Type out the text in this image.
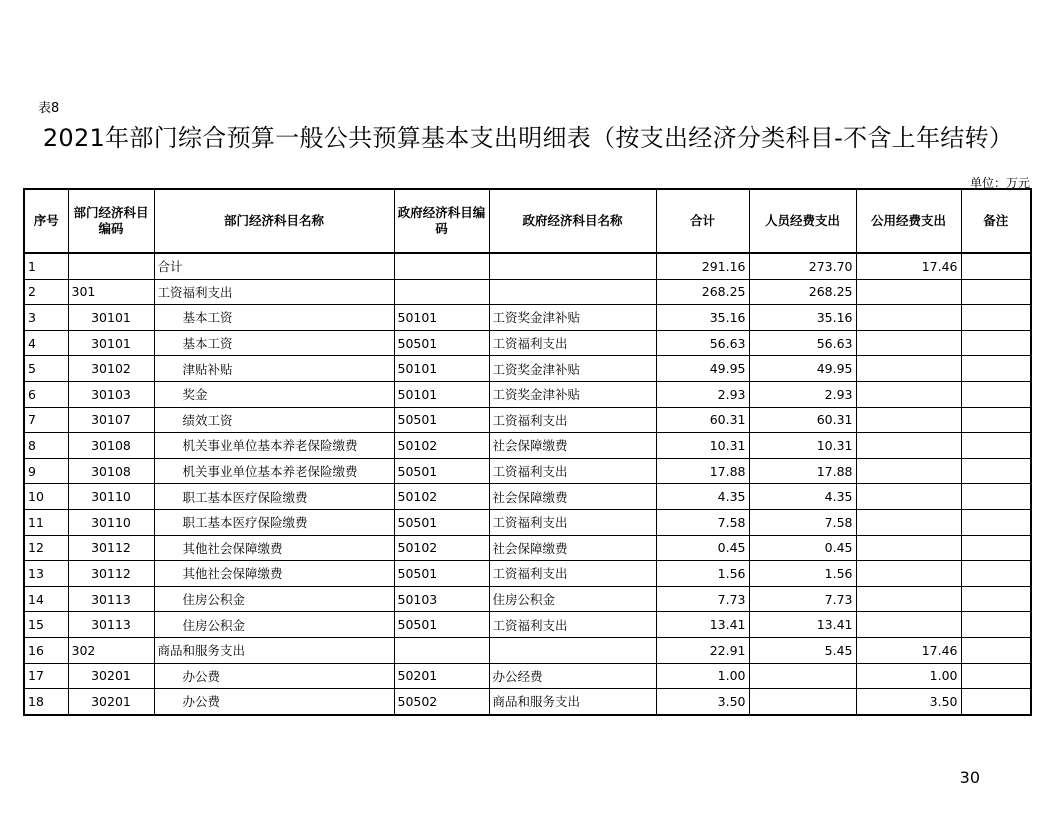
表8
2021年部门综合预算一般公共预算基本支出明细表（按支出经济分类科目-不含上年结转）
单位：万元
序号	部门经济科目编码	部门经济科目名称	政府经济科目编码	政府经济科目名称	合计	人员经费支出	公用经费支出	备注
1		合计			291.16	273.70	17.46	
2	301	工资福利支出			268.25	268.25		
3	30101	基本工资	50101	工资奖金津补贴	35.16	35.16		
4	30101	基本工资	50501	工资福利支出	56.63	56.63		
5	30102	津贴补贴	50101	工资奖金津补贴	49.95	49.95		
6	30103	奖金	50101	工资奖金津补贴	2.93	2.93		
7	30107	绩效工资	50501	工资福利支出	60.31	60.31		
8	30108	机关事业单位基本养老保险缴费	50102	社会保障缴费	10.31	10.31		
9	30108	机关事业单位基本养老保险缴费	50501	工资福利支出	17.88	17.88		
10	30110	职工基本医疗保险缴费	50102	社会保障缴费	4.35	4.35		
11	30110	职工基本医疗保险缴费	50501	工资福利支出	7.58	7.58		
12	30112	其他社会保障缴费	50102	社会保障缴费	0.45	0.45		
13	30112	其他社会保障缴费	50501	工资福利支出	1.56	1.56		
14	30113	住房公积金	50103	住房公积金	7.73	7.73		
15	30113	住房公积金	50501	工资福利支出	13.41	13.41		
16	302	商品和服务支出			22.91	5.45	17.46	
17	30201	办公费	50201	办公经费	1.00		1.00	
18	30201	办公费	50502	商品和服务支出	3.50		3.50	
30
